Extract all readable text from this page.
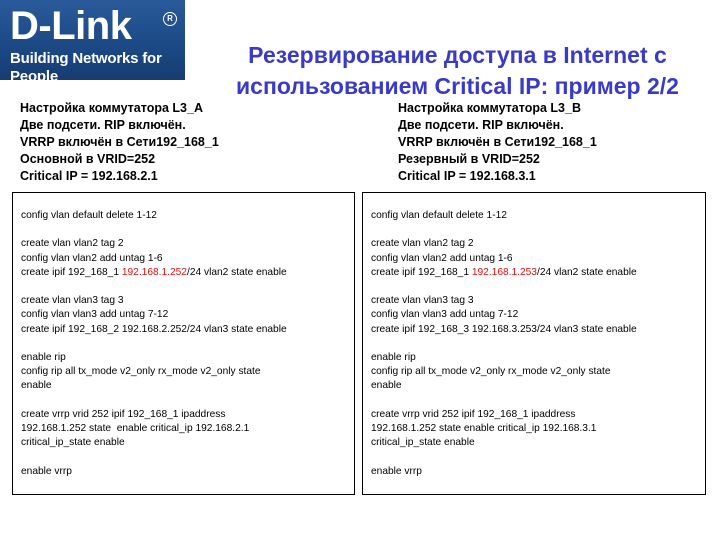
D-Link	R
Building Networks for People
Резервирование доступа в Internet с
использованием Critical IP: пример 2/2
Настройка коммутатора L3_A
Две подсети. RIP включён.
VRRP включён в Сети192_168_1
Основной в VRID=252
Critical IP = 192.168.2.1
Настройка коммутатора L3_B
Две подсети. RIP включён.
VRRP включён в Сети192_168_1
Резервный в VRID=252
Critical IP = 192.168.3.1
config vlan default delete 1-12
create vlan vlan2 tag 2
config vlan vlan2 add untag 1-6
create ipif 192_168_1 192.168.1.252/24 vlan2 state enable
create vlan vlan3 tag 3
config vlan vlan3 add untag 7-12
create ipif 192_168_2 192.168.2.252/24 vlan3 state enable
enable rip
config rip all tx_mode v2_only rx_mode v2_only state
enable
create vrrp vrid 252 ipif 192_168_1 ipaddress
192.168.1.252 state  enable critical_ip 192.168.2.1
critical_ip_state enable
enable vrrp
config vlan default delete 1-12
create vlan vlan2 tag 2
config vlan vlan2 add untag 1-6
create ipif 192_168_1 192.168.1.253/24 vlan2 state enable
create vlan vlan3 tag 3
config vlan vlan3 add untag 7-12
create ipif 192_168_3 192.168.3.253/24 vlan3 state enable
enable rip
config rip all tx_mode v2_only rx_mode v2_only state
enable
create vrrp vrid 252 ipif 192_168_1 ipaddress
192.168.1.252 state enable critical_ip 192.168.3.1
critical_ip_state enable
enable vrrp
